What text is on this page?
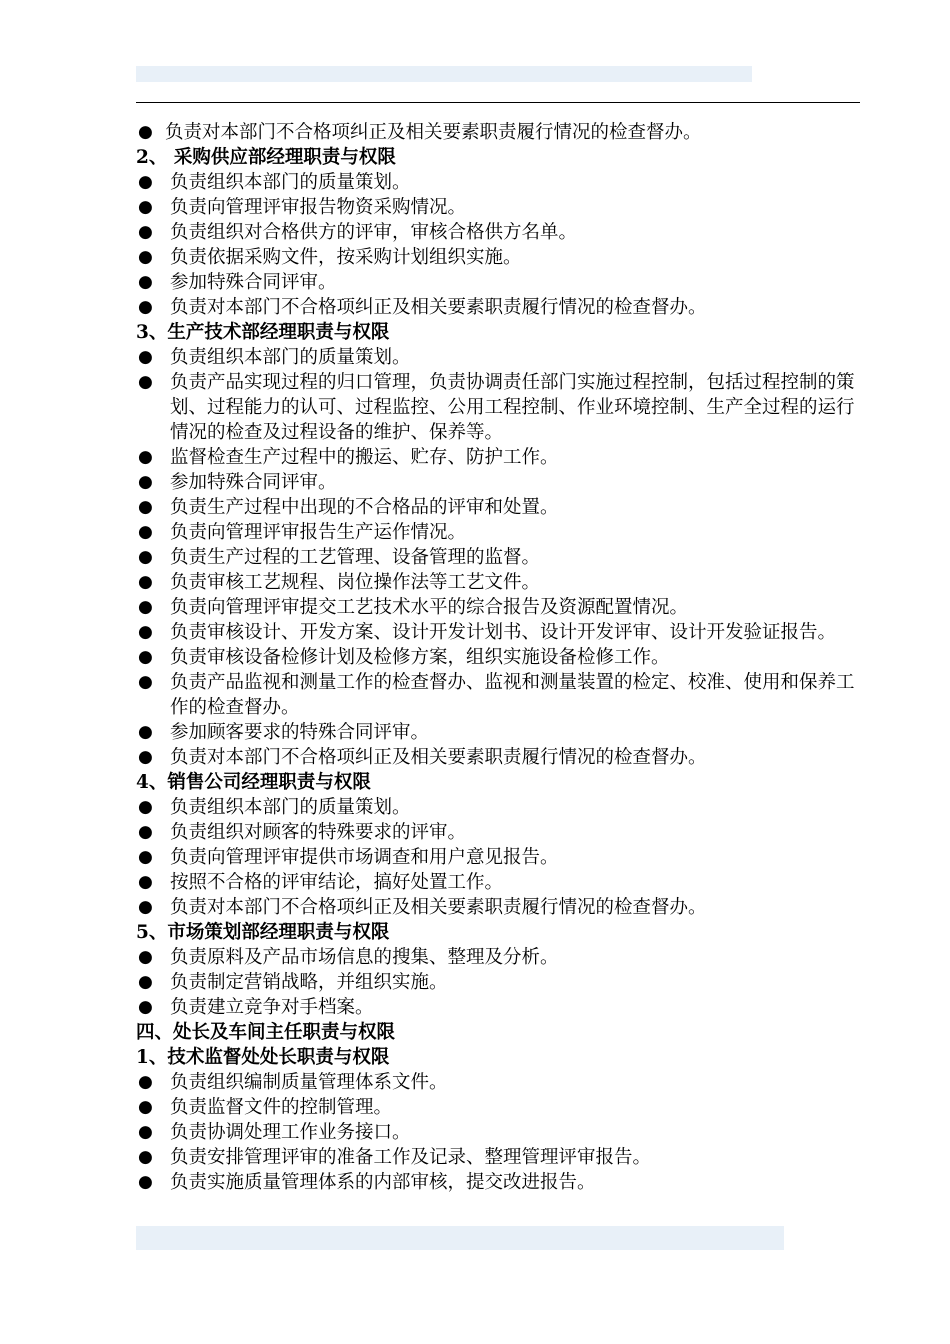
● 负责对本部门不合格项纠正及相关要素职责履行情况的检查督办。
2、 采购供应部经理职责与权限
● 负责组织本部门的质量策划。
● 负责向管理评审报告物资采购情况。
● 负责组织对合格供方的评审，审核合格供方名单。
● 负责依据采购文件，按采购计划组织实施。
● 参加特殊合同评审。
● 负责对本部门不合格项纠正及相关要素职责履行情况的检查督办。
3、生产技术部经理职责与权限
● 负责组织本部门的质量策划。
● 负责产品实现过程的归口管理，负责协调责任部门实施过程控制，包括过程控制的策划、过程能力的认可、过程监控、公用工程控制、作业环境控制、生产全过程的运行情况的检查及过程设备的维护、保养等。
● 监督检查生产过程中的搬运、贮存、防护工作。
● 参加特殊合同评审。
● 负责生产过程中出现的不合格品的评审和处置。
● 负责向管理评审报告生产运作情况。
● 负责生产过程的工艺管理、设备管理的监督。
● 负责审核工艺规程、岗位操作法等工艺文件。
● 负责向管理评审提交工艺技术水平的综合报告及资源配置情况。
● 负责审核设计、开发方案、设计开发计划书、设计开发评审、设计开发验证报告。
● 负责审核设备检修计划及检修方案，组织实施设备检修工作。
● 负责产品监视和测量工作的检查督办、监视和测量装置的检定、校准、使用和保养工作的检查督办。
● 参加顾客要求的特殊合同评审。
● 负责对本部门不合格项纠正及相关要素职责履行情况的检查督办。
4、销售公司经理职责与权限
● 负责组织本部门的质量策划。
● 负责组织对顾客的特殊要求的评审。
● 负责向管理评审提供市场调查和用户意见报告。
● 按照不合格的评审结论，搞好处置工作。
● 负责对本部门不合格项纠正及相关要素职责履行情况的检查督办。
5、市场策划部经理职责与权限
● 负责原料及产品市场信息的搜集、整理及分析。
● 负责制定营销战略，并组织实施。
● 负责建立竞争对手档案。
四、处长及车间主任职责与权限
1、技术监督处处长职责与权限
● 负责组织编制质量管理体系文件。
● 负责监督文件的控制管理。
● 负责协调处理工作业务接口。
● 负责安排管理评审的准备工作及记录、整理管理评审报告。
● 负责实施质量管理体系的内部审核，提交改进报告。
